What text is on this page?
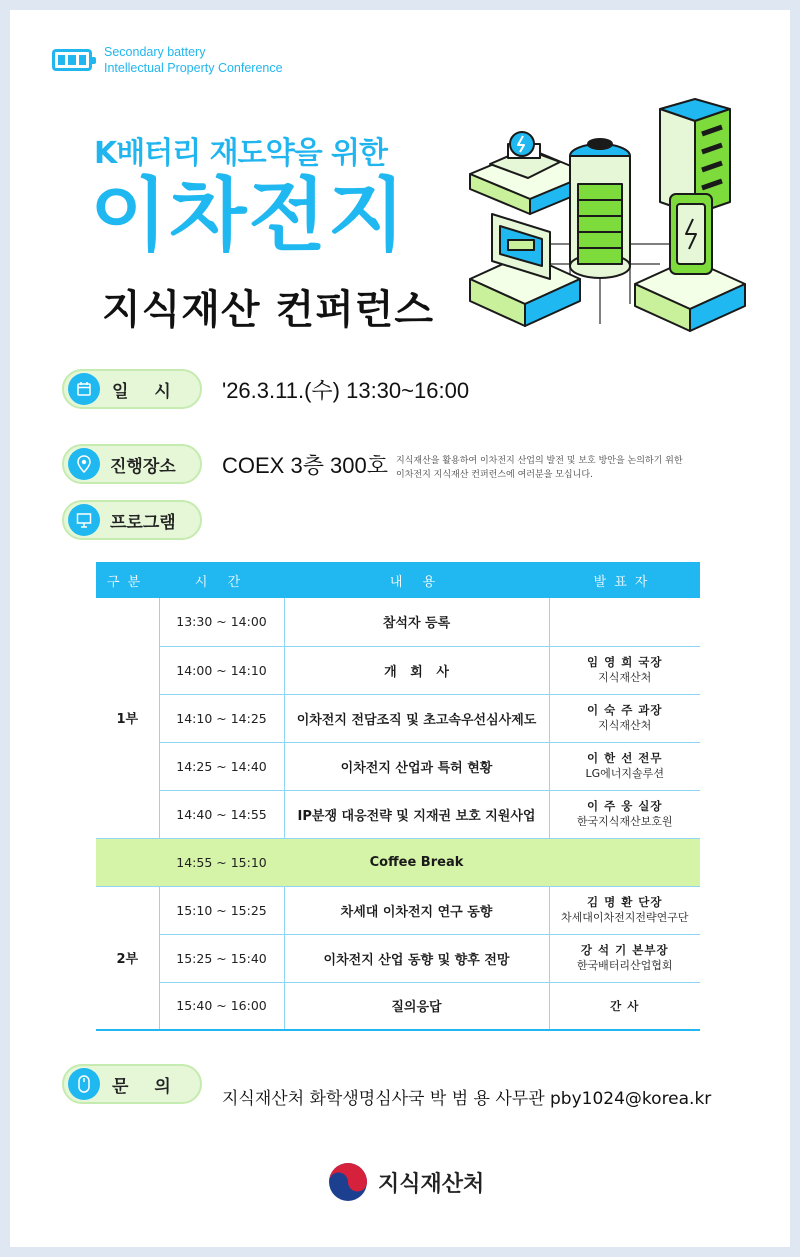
Secondary battery
Intellectual Property Conference
K배터리 재도약을 위한
이차전지
지식재산 컨퍼런스
일시 '26.3.11.(수) 13:30~16:00
진행장소 COEX 3층 300호 지식재산을 활용하여 이차전지 산업의 발전 및 보호 방안을 논의하기 위한
이차전지 지식재산 컨퍼런스에 여러분을 모십니다.
프로그램
구분	시 간	내 용	발표자
1부	13:30 ~ 14:00	참석자 등록	

	14:00 ~ 14:10	개   회   사	임 영 희 국장
지식재산처
	14:10 ~ 14:25	이차전지 전담조직 및 초고속우선심사제도	이 숙 주 과장
지식재산처
	14:25 ~ 14:40	이차전지 산업과 특허 현황	이 한 선 전무
LG에너지솔루션
	14:40 ~ 14:55	IP분쟁 대응전략 및 지재권 보호 지원사업	이 주 웅 실장
한국지식재산보호원
	14:55 ~ 15:10	Coffee Break	
2부	15:10 ~ 15:25	차세대 이차전지 연구 동향	김 명 환 단장
차세대이차전지전략연구단
	15:25 ~ 15:40	이차전지 산업 동향 및 향후 전망	강 석 기 본부장
한국배터리산업협회
	15:40 ~ 16:00	질의응답	간 사
문의
지식재산처 화학생명심사국 박 범 용 사무관 pby1024@korea.kr
지식재산처
